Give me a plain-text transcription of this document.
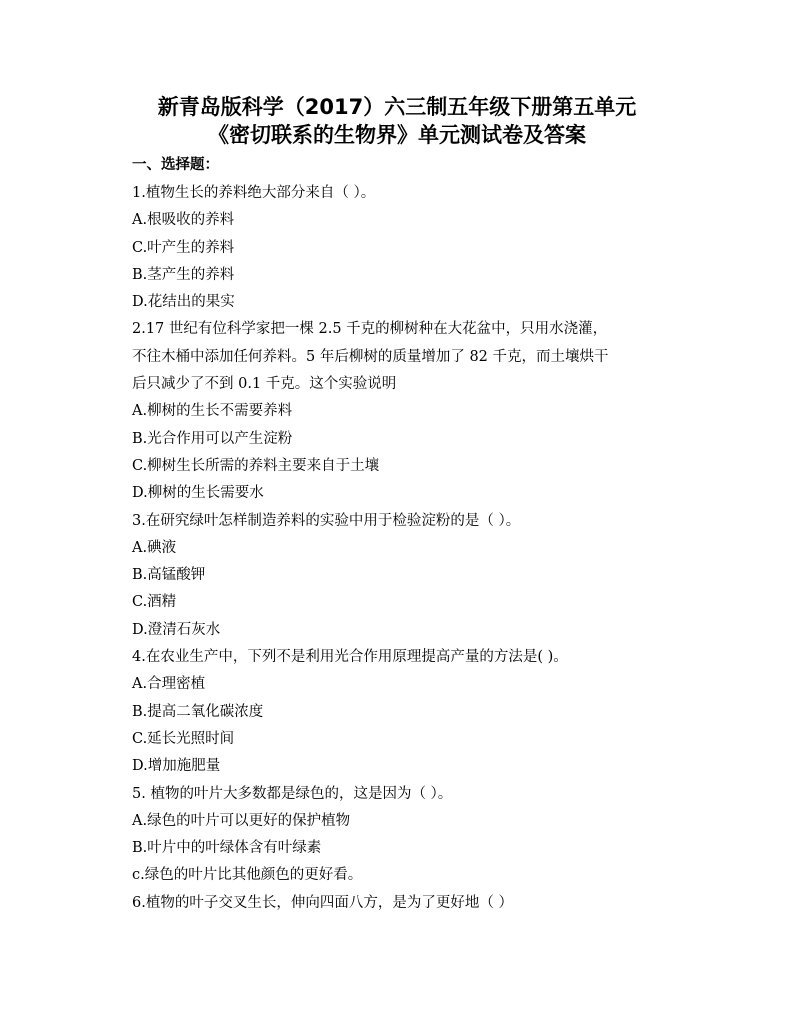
新青岛版科学（2017）六三制五年级下册第五单元
《密切联系的生物界》单元测试卷及答案
一、选择题：
1.植物生长的养料绝大部分来自（ ）。
A.根吸收的养料
C.叶产生的养料
B.茎产生的养料
D.花结出的果实
2.17 世纪有位科学家把一棵 2.5 千克的柳树种在大花盆中，只用水浇灌，
不往木桶中添加任何养料。5 年后柳树的质量增加了 82 千克，而土壤烘干
后只减少了不到 0.1 千克。这个实验说明
A.柳树的生长不需要养料
B.光合作用可以产生淀粉
C.柳树生长所需的养料主要来自于土壤
D.柳树的生长需要水
3.在研究绿叶怎样制造养料的实验中用于检验淀粉的是（ ）。
A.碘液
B.高锰酸钾
C.酒精
D.澄清石灰水
4.在农业生产中，下列不是利用光合作用原理提高产量的方法是( )。
A.合理密植
B.提高二氧化碳浓度
C.延长光照时间
D.增加施肥量
5. 植物的叶片大多数都是绿色的，这是因为（ ）。
A.绿色的叶片可以更好的保护植物
B.叶片中的叶绿体含有叶绿素
c.绿色的叶片比其他颜色的更好看。
6.植物的叶子交叉生长，伸向四面八方，是为了更好地（ ）
